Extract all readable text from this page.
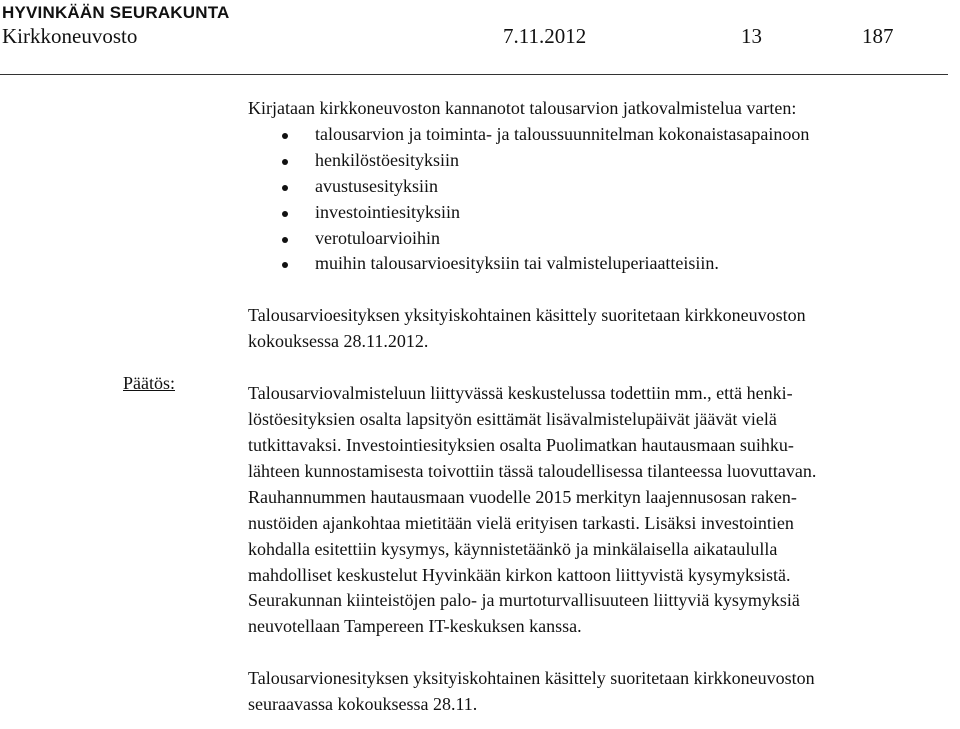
HYVINKÄÄN SEURAKUNTA
Kirkkoneuvosto	7.11.2012	13	187
Päätös:

Kirjataan kirkkoneuvoston kannanotot talousarvion jatkovalmistelua varten:

talousarvion ja toiminta- ja taloussuunnitelman kokonaistasapainoon
henkilöstöesityksiin
avustusesityksiin
investointiesityksiin
verotuloarvioihin
muihin talousarvioesityksiin tai valmisteluperiaatteisiin.

Talousarvioesityksen yksityiskohtainen käsittely suoritetaan kirkkoneuvoston
kokouksessa 28.11.2012.

Talousarviovalmisteluun liittyvässä keskustelussa todettiin mm., että henki-
löstöesityksien osalta lapsityön esittämät lisävalmistelupäivät jäävät vielä
tutkittavaksi. Investointiesityksien osalta Puolimatkan hautausmaan suihku-
lähteen kunnostamisesta toivottiin tässä taloudellisessa tilanteessa luovuttavan.
Rauhannummen hautausmaan vuodelle 2015 merkityn laajennusosan raken-
nustöiden ajankohtaa mietitään vielä erityisen tarkasti. Lisäksi investointien
kohdalla esitettiin kysymys, käynnistetäänkö ja minkälaisella aikataululla
mahdolliset keskustelut Hyvinkään kirkon kattoon liittyvistä kysymyksistä.
Seurakunnan kiinteistöjen palo- ja murtoturvallisuuteen liittyviä kysymyksiä
neuvotellaan Tampereen IT-keskuksen kanssa.

Talousarvionesityksen yksityiskohtainen käsittely suoritetaan kirkkoneuvoston
seuraavassa kokouksessa 28.11.
